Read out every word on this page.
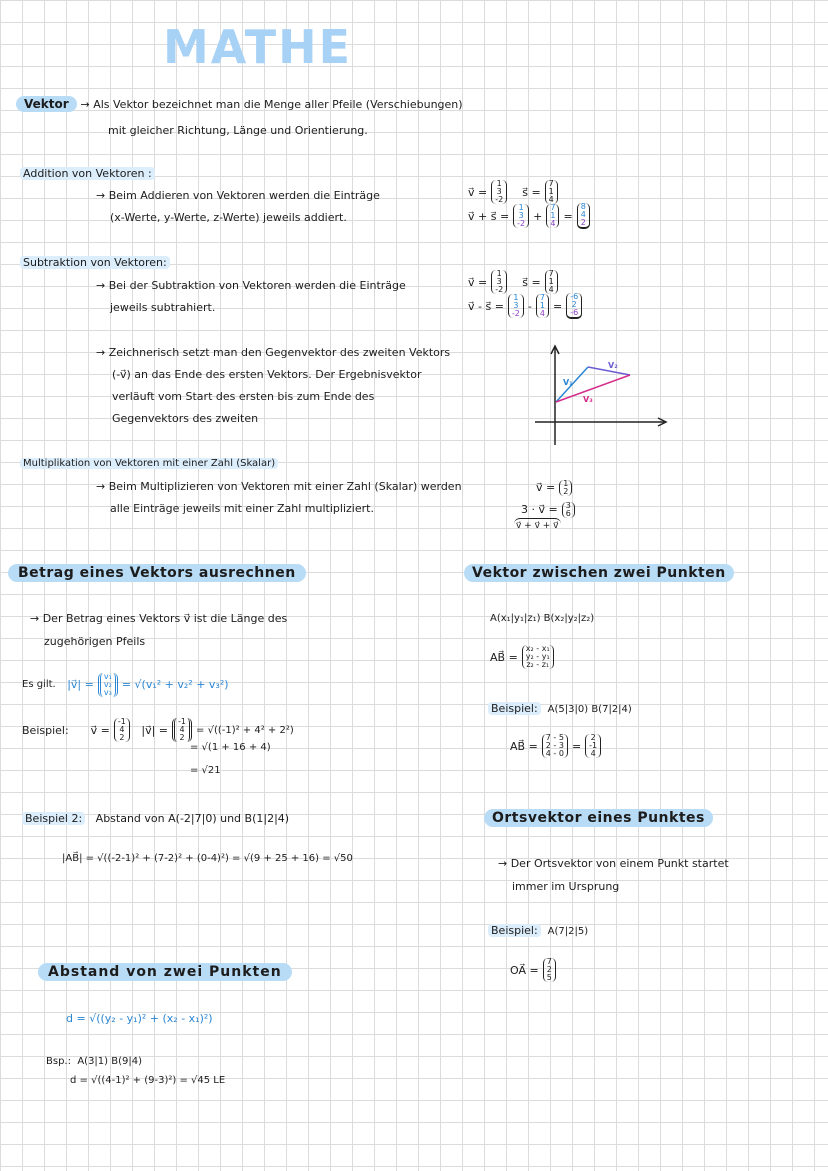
MATHE
Vektor → Als Vektor bezeichnet man die Menge aller Pfeile (Verschiebungen)
mit gleicher Richtung, Länge und Orientierung.
Addition von Vektoren :
→ Beim Addieren von Vektoren werden die Einträge
(x-Werte, y-Werte, z-Werte) jeweils addiert.
v⃗ =
1
3
-2

s⃗ =
7
1
4
v⃗ + s⃗ =
1
3
-2
+
7
1
4
=
8
4
2
Subtraktion von Vektoren:
→ Bei der Subtraktion von Vektoren werden die Einträge
jeweils subtrahiert.
v⃗ =
1
3
-2

s⃗ =
7
1
4
v⃗ - s⃗ =
1
3
-2
-
7
1
4
=
-6
2
-6
→ Zeichnerisch setzt man den Gegenvektor des zweiten Vektors
(-v⃗) an das Ende des ersten Vektors. Der Ergebnisvektor
verläuft vom Start des ersten bis zum Ende des
Gegenvektors des zweiten
V₁
V₂
V₃
Multiplikation von Vektoren mit einer Zahl (Skalar)
→ Beim Multiplizieren von Vektoren mit einer Zahl (Skalar) werden
alle Einträge jeweils mit einer Zahl multipliziert.
v⃗ = 1
2
3 · v⃗ = 3
6
v⃗ + v⃗ + v⃗
Betrag eines Vektors ausrechnen
→ Der Betrag eines Vektors v⃗ ist die Länge des
zugehörigen Pfeils
Es gilt.
|v⃗| =
v₁
v₂
v₃
= √(v₁² + v₂² + v₃²)
Beispiel:
v⃗ =
-1
4
2

|v⃗| =
-1
4
2
= √((-1)² + 4² + 2²)
= √(1 + 16 + 4)
= √21
Beispiel 2: Abstand von A(-2|7|0) und B(1|2|4)
|AB⃗| = √((-2-1)² + (7-2)² + (0-4)²) = √(9 + 25 + 16) = √50
Abstand von zwei Punkten
d = √((y₂ - y₁)² + (x₂ - x₁)²)
Bsp.: A(3|1) B(9|4)
d = √((4-1)² + (9-3)²) = √45 LE
Vektor zwischen zwei Punkten
A(x₁|y₁|z₁) B(x₂|y₂|z₂)
AB⃗ =
x₂ - x₁
y₂ - y₁
z₂ - z₁
Beispiel: A(5|3|0) B(7|2|4)
AB⃗ =
7 - 5
2 - 3
4 - 0
=
2
-1
4
Ortsvektor eines Punktes
→ Der Ortsvektor von einem Punkt startet
immer im Ursprung
Beispiel: A(7|2|5)
OA⃗ =
7
2
5
